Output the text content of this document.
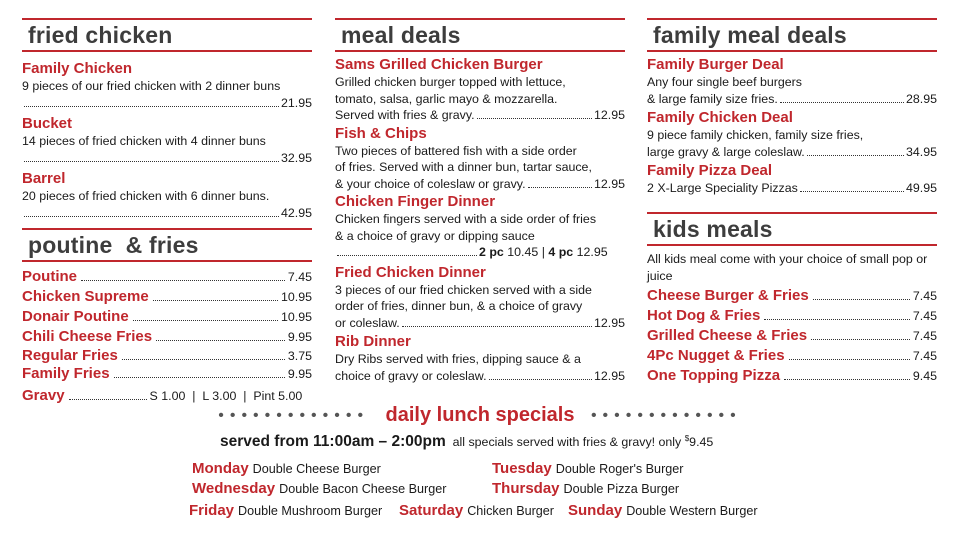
fried chicken
Family Chicken
9 pieces of our fried chicken with 2 dinner buns
21.95
Bucket
14 pieces of fried chicken with 4 dinner buns
32.95
Barrel
20 pieces of fried chicken with 6 dinner buns.
42.95
poutine  & fries
Poutine	7.45
Chicken Supreme	10.95
Donair Poutine	10.95
Chili Cheese Fries	9.95
Regular Fries	3.75
Family Fries	9.95
Gravy	S 1.00  |  L 3.00  |  Pint 5.00
meal deals
Sams Grilled Chicken Burger
Grilled chicken burger topped with lettuce,
tomato, salsa, garlic mayo & mozzarella.
Served with fries & gravy.	12.95
Fish & Chips
Two pieces of battered fish with a side order
of fries. Served with a dinner bun, tartar sauce,
& your choice of coleslaw or gravy.	12.95
Chicken Finger Dinner
Chicken fingers served with a side order of fries
& a choice of gravy or dipping sauce
2 pc 10.45 | 4 pc 12.95
Fried Chicken Dinner
3 pieces of our fried chicken served with a side
order of fries, dinner bun, & a choice of gravy
or coleslaw.	12.95
Rib Dinner
Dry Ribs served with fries, dipping sauce & a
choice of gravy or coleslaw.	12.95
family meal deals
Family Burger Deal
Any four single beef burgers
& large family size fries.	28.95
Family Chicken Deal
9 piece family chicken, family size fries,
large gravy & large coleslaw.	34.95
Family Pizza Deal
2 X-Large Speciality Pizzas	49.95
kids meals
All kids meal come with your choice of small pop or juice
Cheese Burger & Fries	7.45
Hot Dog & Fries	7.45
Grilled Cheese & Fries	7.45
4Pc Nugget & Fries	7.45
One Topping Pizza	9.45
••••••••••••• daily lunch specials •••••••••••••
served from 11:00am – 2:00pm all specials served with fries & gravy! only $9.45
Monday Double Cheese Burger	Tuesday Double Roger's Burger
Wednesday Double Bacon Cheese Burger	Thursday Double Pizza Burger
Friday Double Mushroom Burger Saturday Chicken Burger Sunday Double Western Burger
